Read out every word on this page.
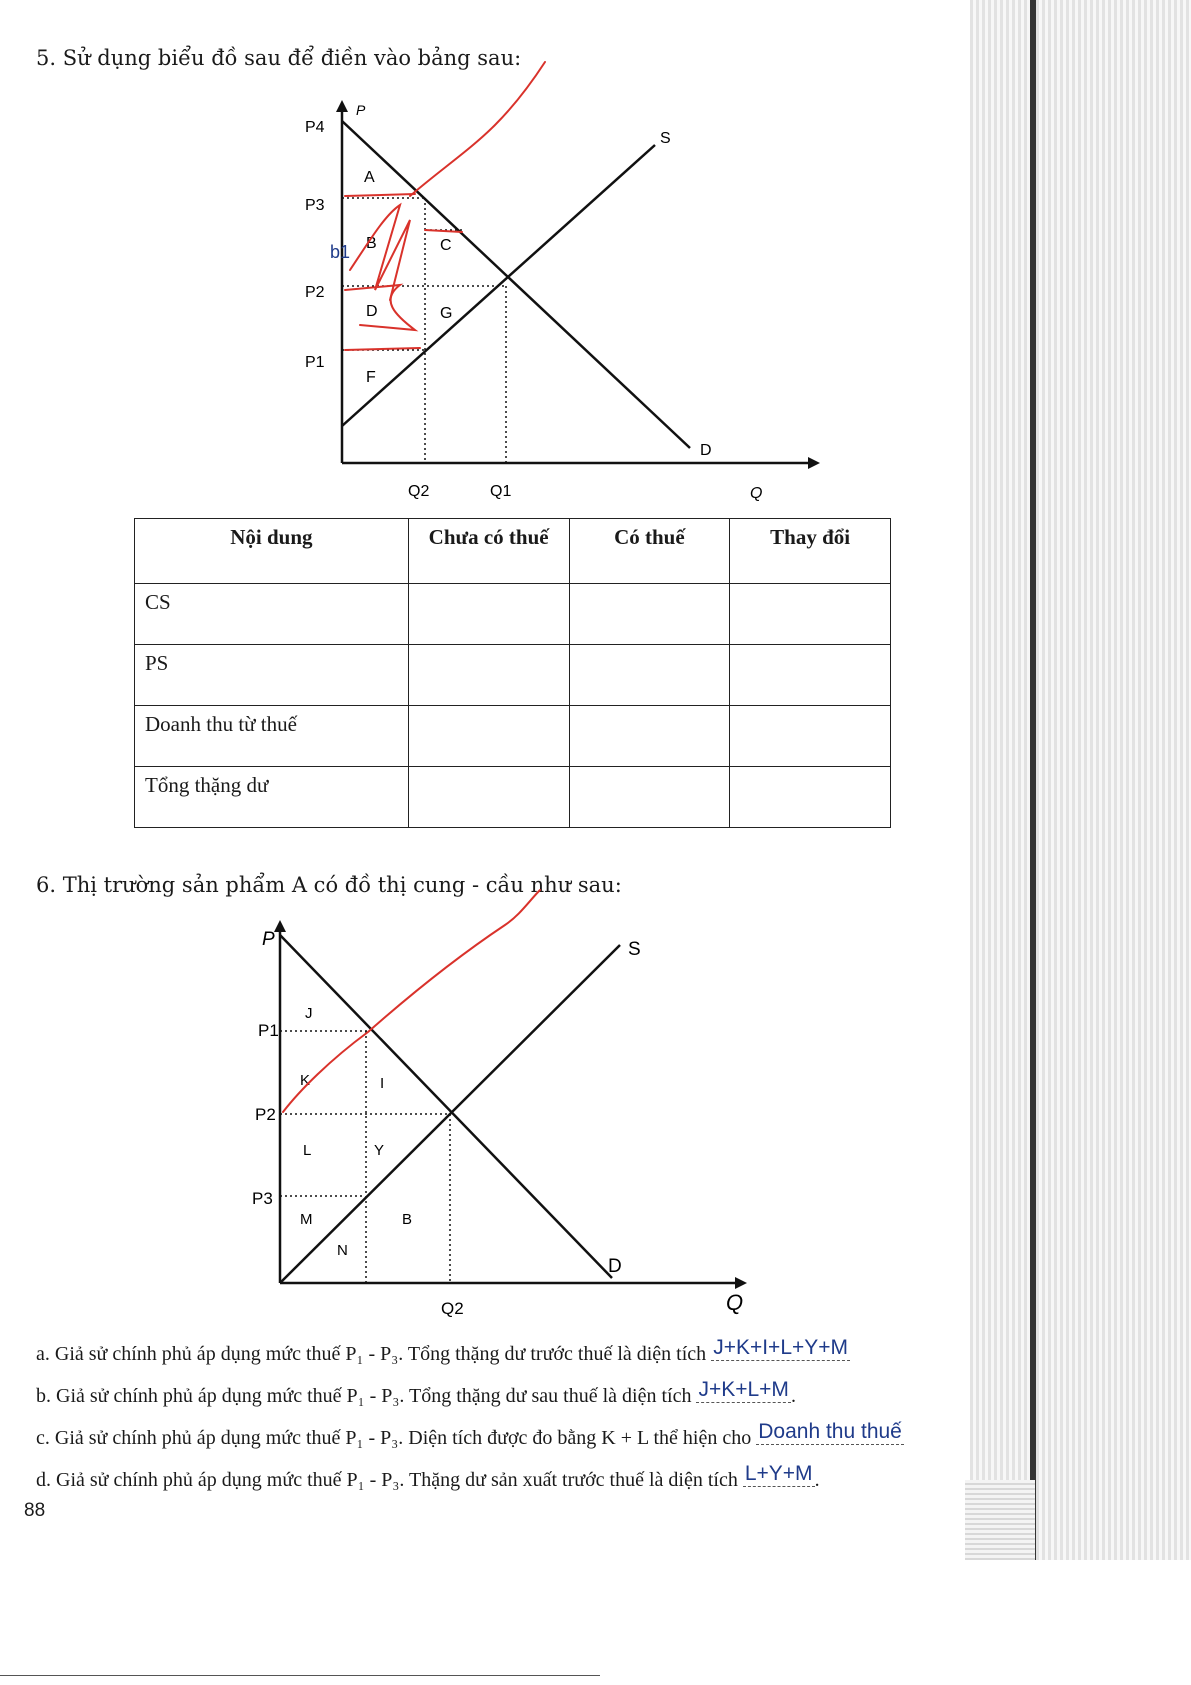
5. Sử dụng biểu đồ sau để điền vào bảng sau:
P
S
D
Q
P4
P3
P2
P1
Q2	Q1
A
B	C
D	G
F
b1
Nội dung	Chưa có thuế	Có thuế	Thay đổi
CS			
PS			
Doanh thu từ thuế			
Tổng thặng dư			
6. Thị trường sản phẩm A có đồ thị cung - cầu như sau:
P	S
D
Q
P1
P2
P3
Q2
J
K	I
L	Y
M	B
N
a. Giả sử chính phủ áp dụng mức thuế P₁ - P₃. Tổng thặng dư trước thuế là diện tích J+K+I+L+Y+M
b. Giả sử chính phủ áp dụng mức thuế P₁ - P₃. Tổng thặng dư sau thuế là diện tích J+K+L+M .
c. Giả sử chính phủ áp dụng mức thuế P₁ - P₃. Diện tích được đo bằng K + L thể hiện cho Doanh thu thuế
d. Giả sử chính phủ áp dụng mức thuế P₁ - P₃. Thặng dư sản xuất trước thuế là diện tích L+Y+M .
88
